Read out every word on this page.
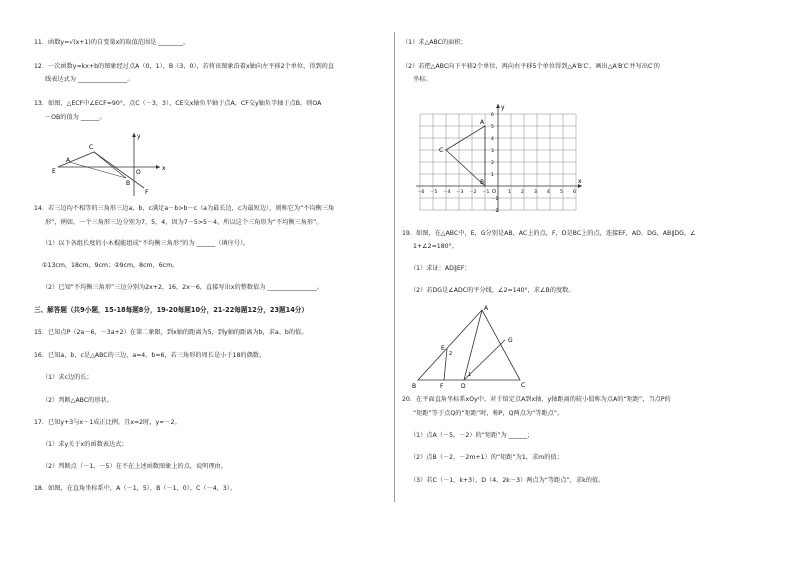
11．函数y=√(x+1)的自变量x的取值范围是 ________。
12．一次函数y=kx+b的图象经过点A（0，1），B（3，0），若将该图象沿着x轴向左平移2个单位，得到的直
线表达式为 ________________。
13．如图，△ECF中∠ECF=90°，点C（－3，3），CE交x轴负半轴于点A，CF交y轴负半轴于点B，则OA
－OB的值为 ______。
y
x
C
A
E	O
B
F
14．若三边均不相等的三角形三边a，b，c满足a－b>b－c（a为最长边，c为最短边），则称它为“不均衡三角
形”，例如，一个三角形三边分别为7，5，4，因为7－5>5－4，所以这个三角形为“不均衡三角形”。
（1）以下各组长度的小木棍能组成“不均衡三角形”的为 ______（填序号）。
①13cm，18cm，9cm；②9cm，8cm，6cm。
（2）已知“不均衡三角形”三边分别为2x+2，16，2x－6，直接写出x的整数值为 ________________。
三、解答题（共9小题，15-18每题8分，19-20每题10分，21-22每题12分，23题14分）
15．已知点P（2a－6，－3a+2）在第二象限，到x轴的距离为5，到y轴的距离为b，求a、b的值。
16．已知a，b，c是△ABC的三边，a=4，b=6，若三角形的周长是小于18的偶数。
（1）求c边的长；
（2）判断△ABC的形状。
17．已知y+3与x－1成正比例，且x=2时，y=－2。
（1）求y关于x的函数表达式；
（2）判断点（－1，－5）在不在上述函数图象上的点，说明理由。
18．如图，在直角坐标系中，A（－1，5），B（－1，0），C（－4，3）。
（1）求△ABC的面积；
（2）若把△ABC向下平移2个单位，再向右平移5个单位得到△A′B′C′，画出△A′B′C′并写出C′的
坐标。
y
x
O
A
B
C
－6 －5 －4 －3 －2 －1	1 2 3 4 5 6
6
5
4
3
2
1
－1
－2
19．如图，在△ABC中，E，G分别是AB，AC上的点，F，D是BC上的点，连接EF，AD，DG，AB∥DG，∠
1+∠2=180°。
（1）求证：AD∥EF；
（2）若DG是∠ADC的平分线，∠2=140°，求∠B的度数。
A
E
2
G
1
B	F	D	C
20．在平面直角坐标系xOy中，对于给定点A到x轴、y轴距离的较小值称为点A的“矩距”，当点P的
“矩距”等于点Q的“矩距”时，称P，Q两点为“等距点”。
（1）点A（－5，－2）的“矩距”为 ______；
（2）点B（－2，－2m+1）的“矩距”为1，求m的值；
（3）若C（－1，k+3），D（4，2k－3）两点为“等距点”，求k的值。
